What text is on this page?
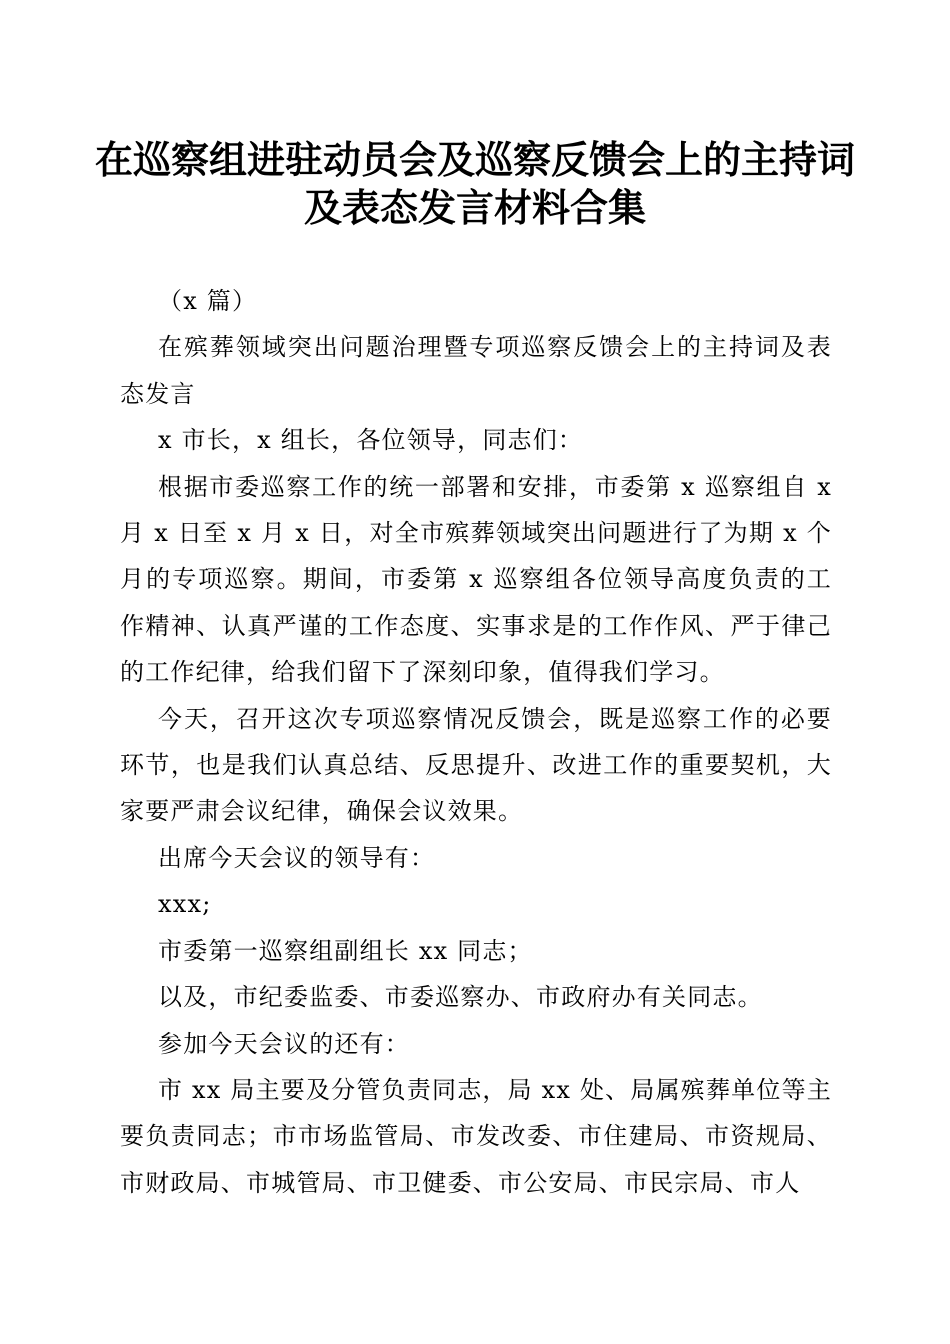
在巡察组进驻动员会及巡察反馈会上的主持词
及表态发言材料合集

（x 篇）

在殡葬领域突出问题治理暨专项巡察反馈会上的主持词及表态发言

x 市长，x 组长，各位领导，同志们：

根据市委巡察工作的统一部署和安排，市委第 x 巡察组自 x 月 x 日至 x 月 x 日，对全市殡葬领域突出问题进行了为期 x 个月的专项巡察。期间，市委第 x 巡察组各位领导高度负责的工作精神、认真严谨的工作态度、实事求是的工作作风、严于律己的工作纪律，给我们留下了深刻印象，值得我们学习。

今天，召开这次专项巡察情况反馈会，既是巡察工作的必要环节，也是我们认真总结、反思提升、改进工作的重要契机，大家要严肃会议纪律，确保会议效果。

出席今天会议的领导有：

xxx;

市委第一巡察组副组长 xx 同志；

以及，市纪委监委、市委巡察办、市政府办有关同志。

参加今天会议的还有：

市 xx 局主要及分管负责同志，局 xx 处、局属殡葬单位等主要负责同志；市市场监管局、市发改委、市住建局、市资规局、市财政局、市城管局、市卫健委、市公安局、市民宗局、市人
